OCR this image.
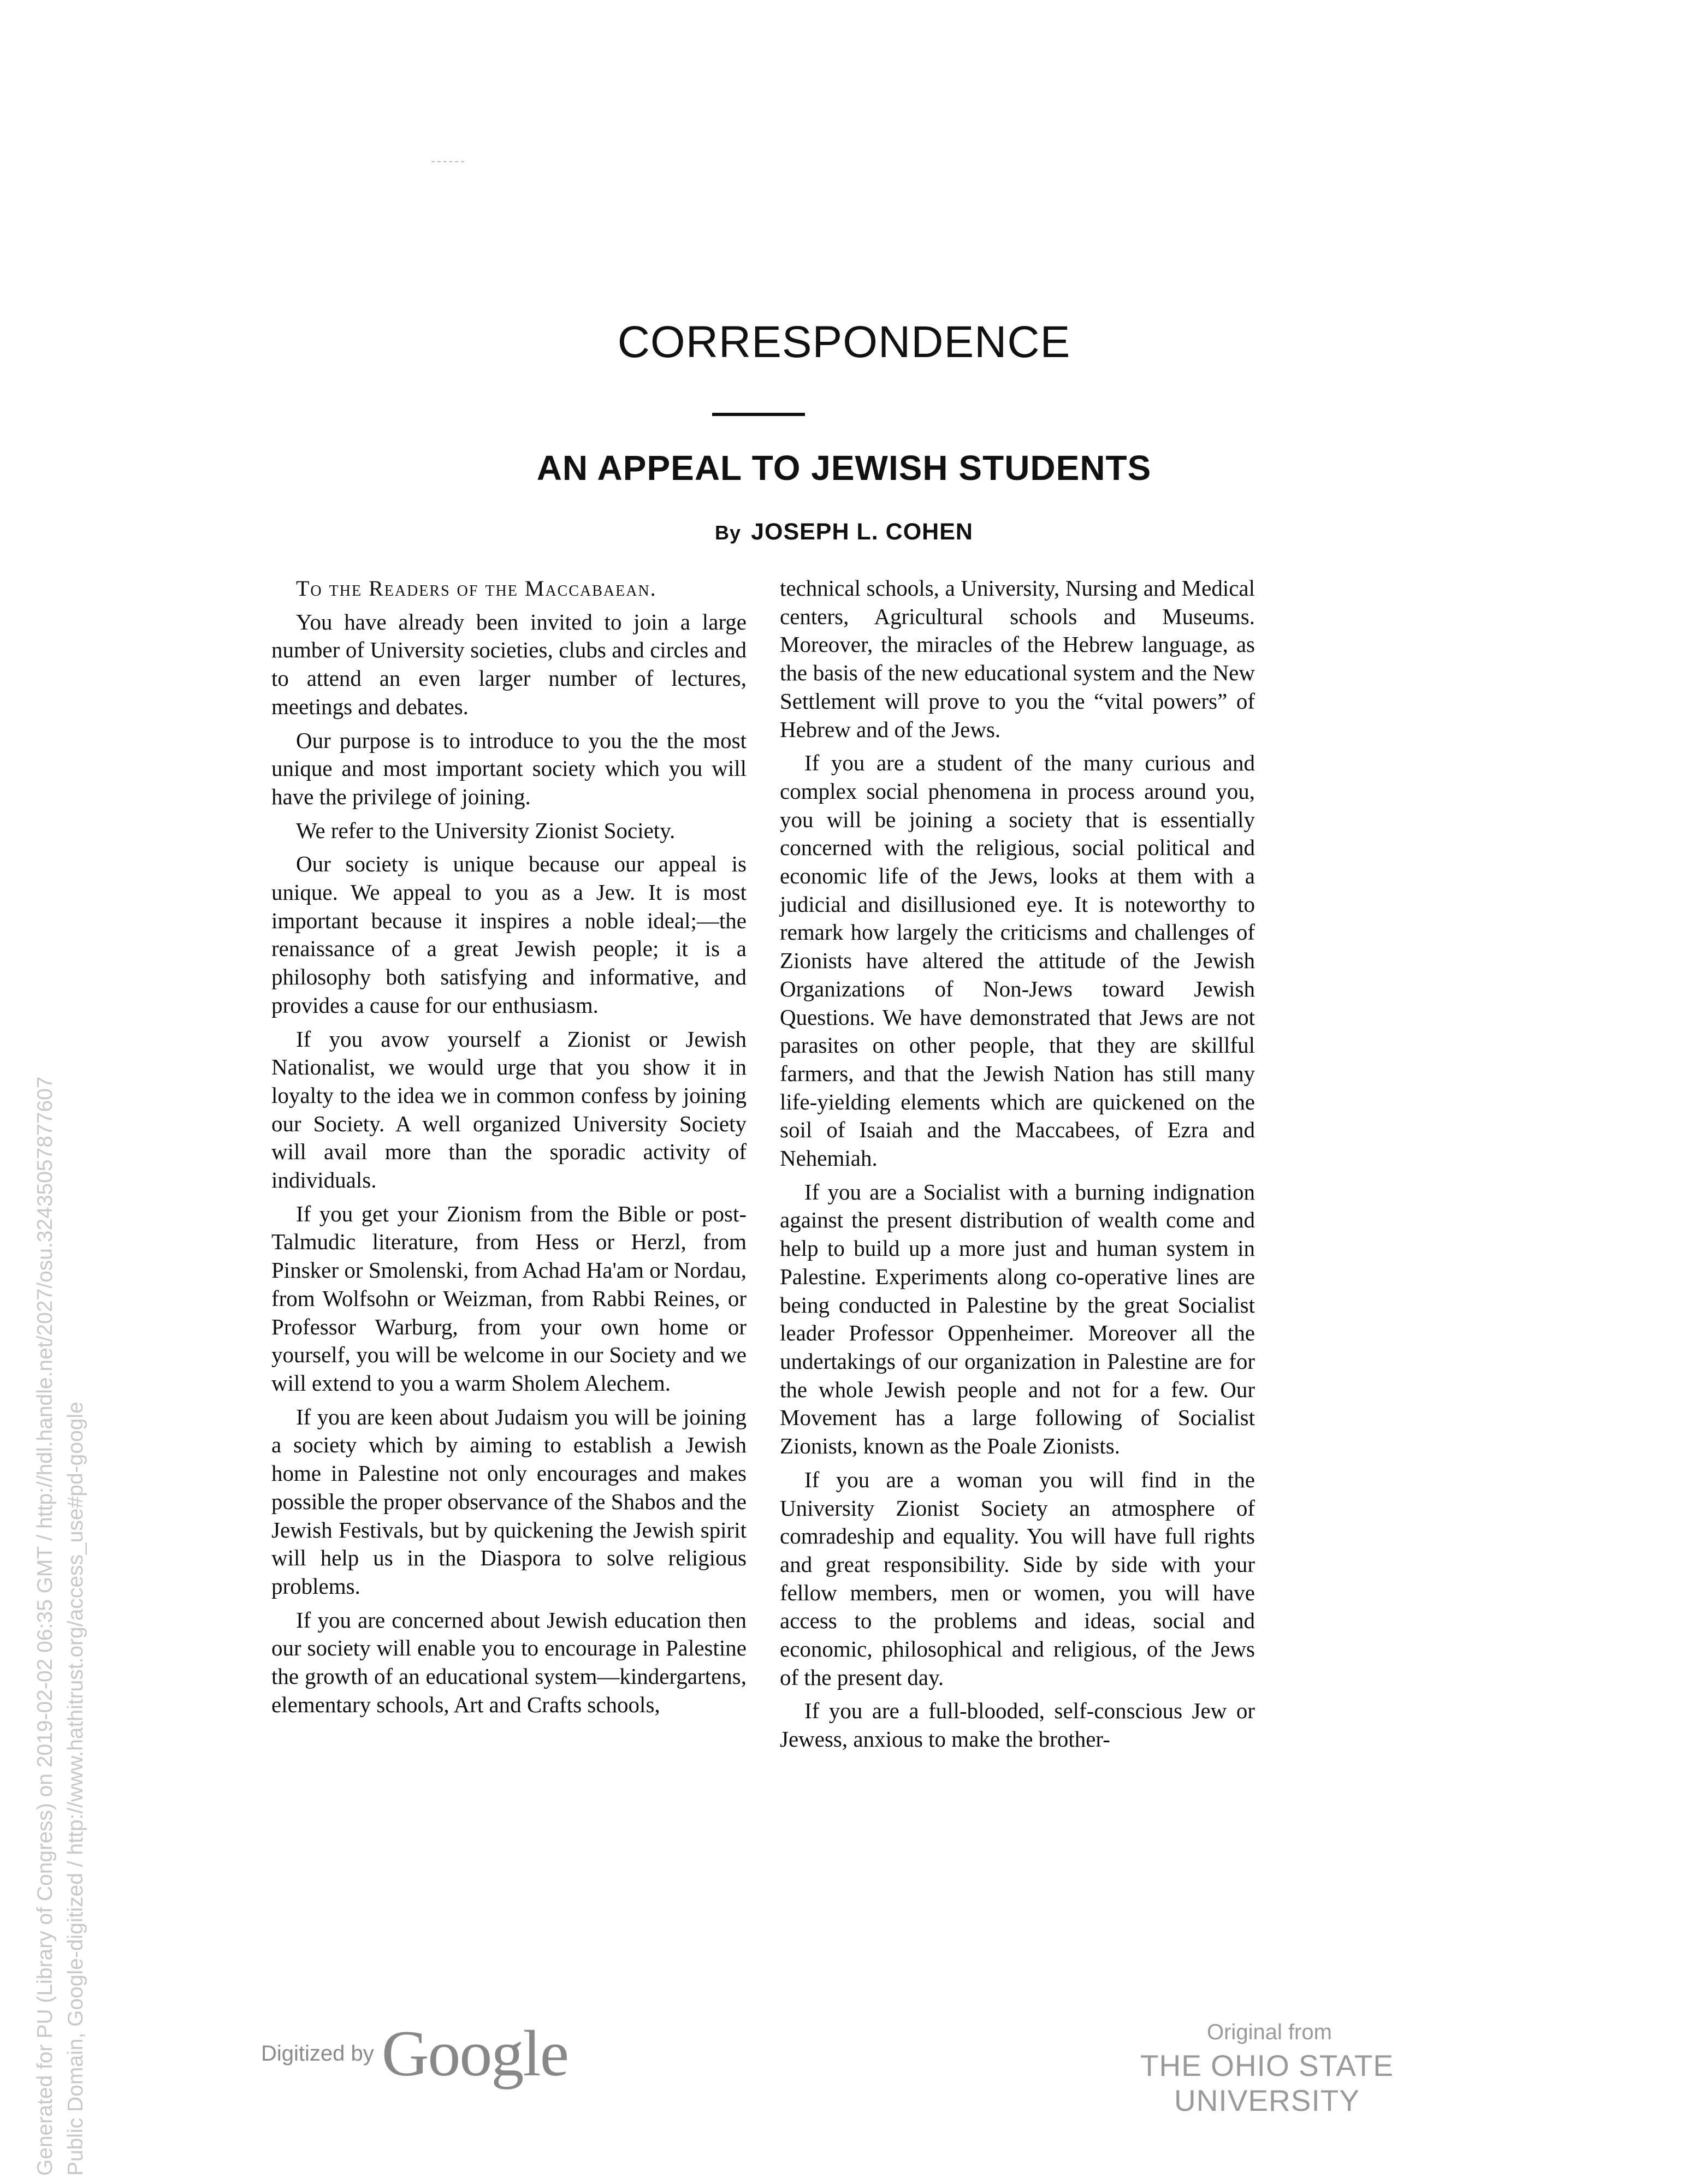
CORRESPONDENCE
AN APPEAL TO JEWISH STUDENTS
By JOSEPH L. COHEN

To the Readers of the Maccabaean.

You have already been invited to join a large number of University societies, clubs and circles and to attend an even larger number of lectures, meetings and debates.

Our purpose is to introduce to you the the most unique and most important society which you will have the privilege of joining.

We refer to the University Zionist Society.

Our society is unique because our appeal is unique. We appeal to you as a Jew. It is most important because it inspires a noble ideal;—the renaissance of a great Jewish people; it is a philosophy both satisfying and informative, and provides a cause for our enthusiasm.

If you avow yourself a Zionist or Jewish Nationalist, we would urge that you show it in loyalty to the idea we in common confess by joining our Society. A well organized University Society will avail more than the sporadic activity of individuals.

If you get your Zionism from the Bible or post-Talmudic literature, from Hess or Herzl, from Pinsker or Smolenski, from Achad Ha'am or Nordau, from Wolfsohn or Weizman, from Rabbi Reines, or Professor Warburg, from your own home or yourself, you will be welcome in our Society and we will extend to you a warm Sholem Alechem.

If you are keen about Judaism you will be joining a society which by aiming to establish a Jewish home in Palestine not only encourages and makes possible the proper observance of the Shabos and the Jewish Festivals, but by quickening the Jewish spirit will help us in the Diaspora to solve religious problems.

If you are concerned about Jewish education then our society will enable you to encourage in Palestine the growth of an educational system—kindergartens, elementary schools, Art and Crafts schools,

technical schools, a University, Nursing and Medical centers, Agricultural schools and Museums. Moreover, the miracles of the Hebrew language, as the basis of the new educational system and the New Settlement will prove to you the “vital powers” of Hebrew and of the Jews.

If you are a student of the many curious and complex social phenomena in process around you, you will be joining a society that is essentially concerned with the religious, social political and economic life of the Jews, looks at them with a judicial and disillusioned eye. It is noteworthy to remark how largely the criticisms and challenges of Zionists have altered the attitude of the Jewish Organizations of Non-Jews toward Jewish Questions. We have demonstrated that Jews are not parasites on other people, that they are skillful farmers, and that the Jewish Nation has still many life-yielding elements which are quickened on the soil of Isaiah and the Maccabees, of Ezra and Nehemiah.

If you are a Socialist with a burning indignation against the present distribution of wealth come and help to build up a more just and human system in Palestine. Experiments along co-operative lines are being conducted in Palestine by the great Socialist leader Professor Oppenheimer. Moreover all the undertakings of our organization in Palestine are for the whole Jewish people and not for a few. Our Movement has a large following of Socialist Zionists, known as the Poale Zionists.

If you are a woman you will find in the University Zionist Society an atmosphere of comradeship and equality. You will have full rights and great responsibility. Side by side with your fellow members, men or women, you will have access to the problems and ideas, social and economic, philosophical and religious, of the Jews of the present day.

If you are a full-blooded, self-conscious Jew or Jewess, anxious to make the brother-

Digitized by Google	Original from
THE OHIO STATE UNIVERSITY
Generated for PU (Library of Congress) on 2019-02-02 06:35 GMT / http://hdl.handle.net/2027/osu.32435057877607 Public Domain, Google-digitized / http://www.hathitrust.org/access_use#pd-google
